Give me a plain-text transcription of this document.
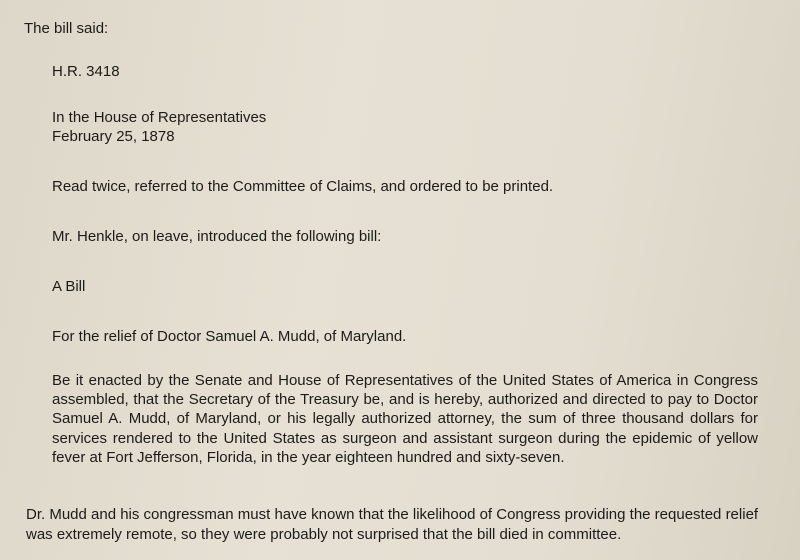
The bill said:

H.R. 3418

In the House of Representatives

February 25, 1878

Read twice, referred to the Committee of Claims, and ordered to be printed.

Mr. Henkle, on leave, introduced the following bill:

A Bill

For the relief of Doctor Samuel A. Mudd, of Maryland.

Be it enacted by the Senate and House of Representatives of the United States of America in Congress assembled, that the Secretary of the Treasury be, and is hereby, authorized and directed to pay to Doctor Samuel A. Mudd, of Maryland, or his legally authorized attorney, the sum of three thousand dollars for services rendered to the United States as surgeon and assistant surgeon during the epidemic of yellow fever at Fort Jefferson, Florida, in the year eighteen hundred and sixty-seven.

Dr. Mudd and his congressman must have known that the likelihood of Congress providing the requested relief was extremely remote, so they were probably not surprised that the bill died in committee.
